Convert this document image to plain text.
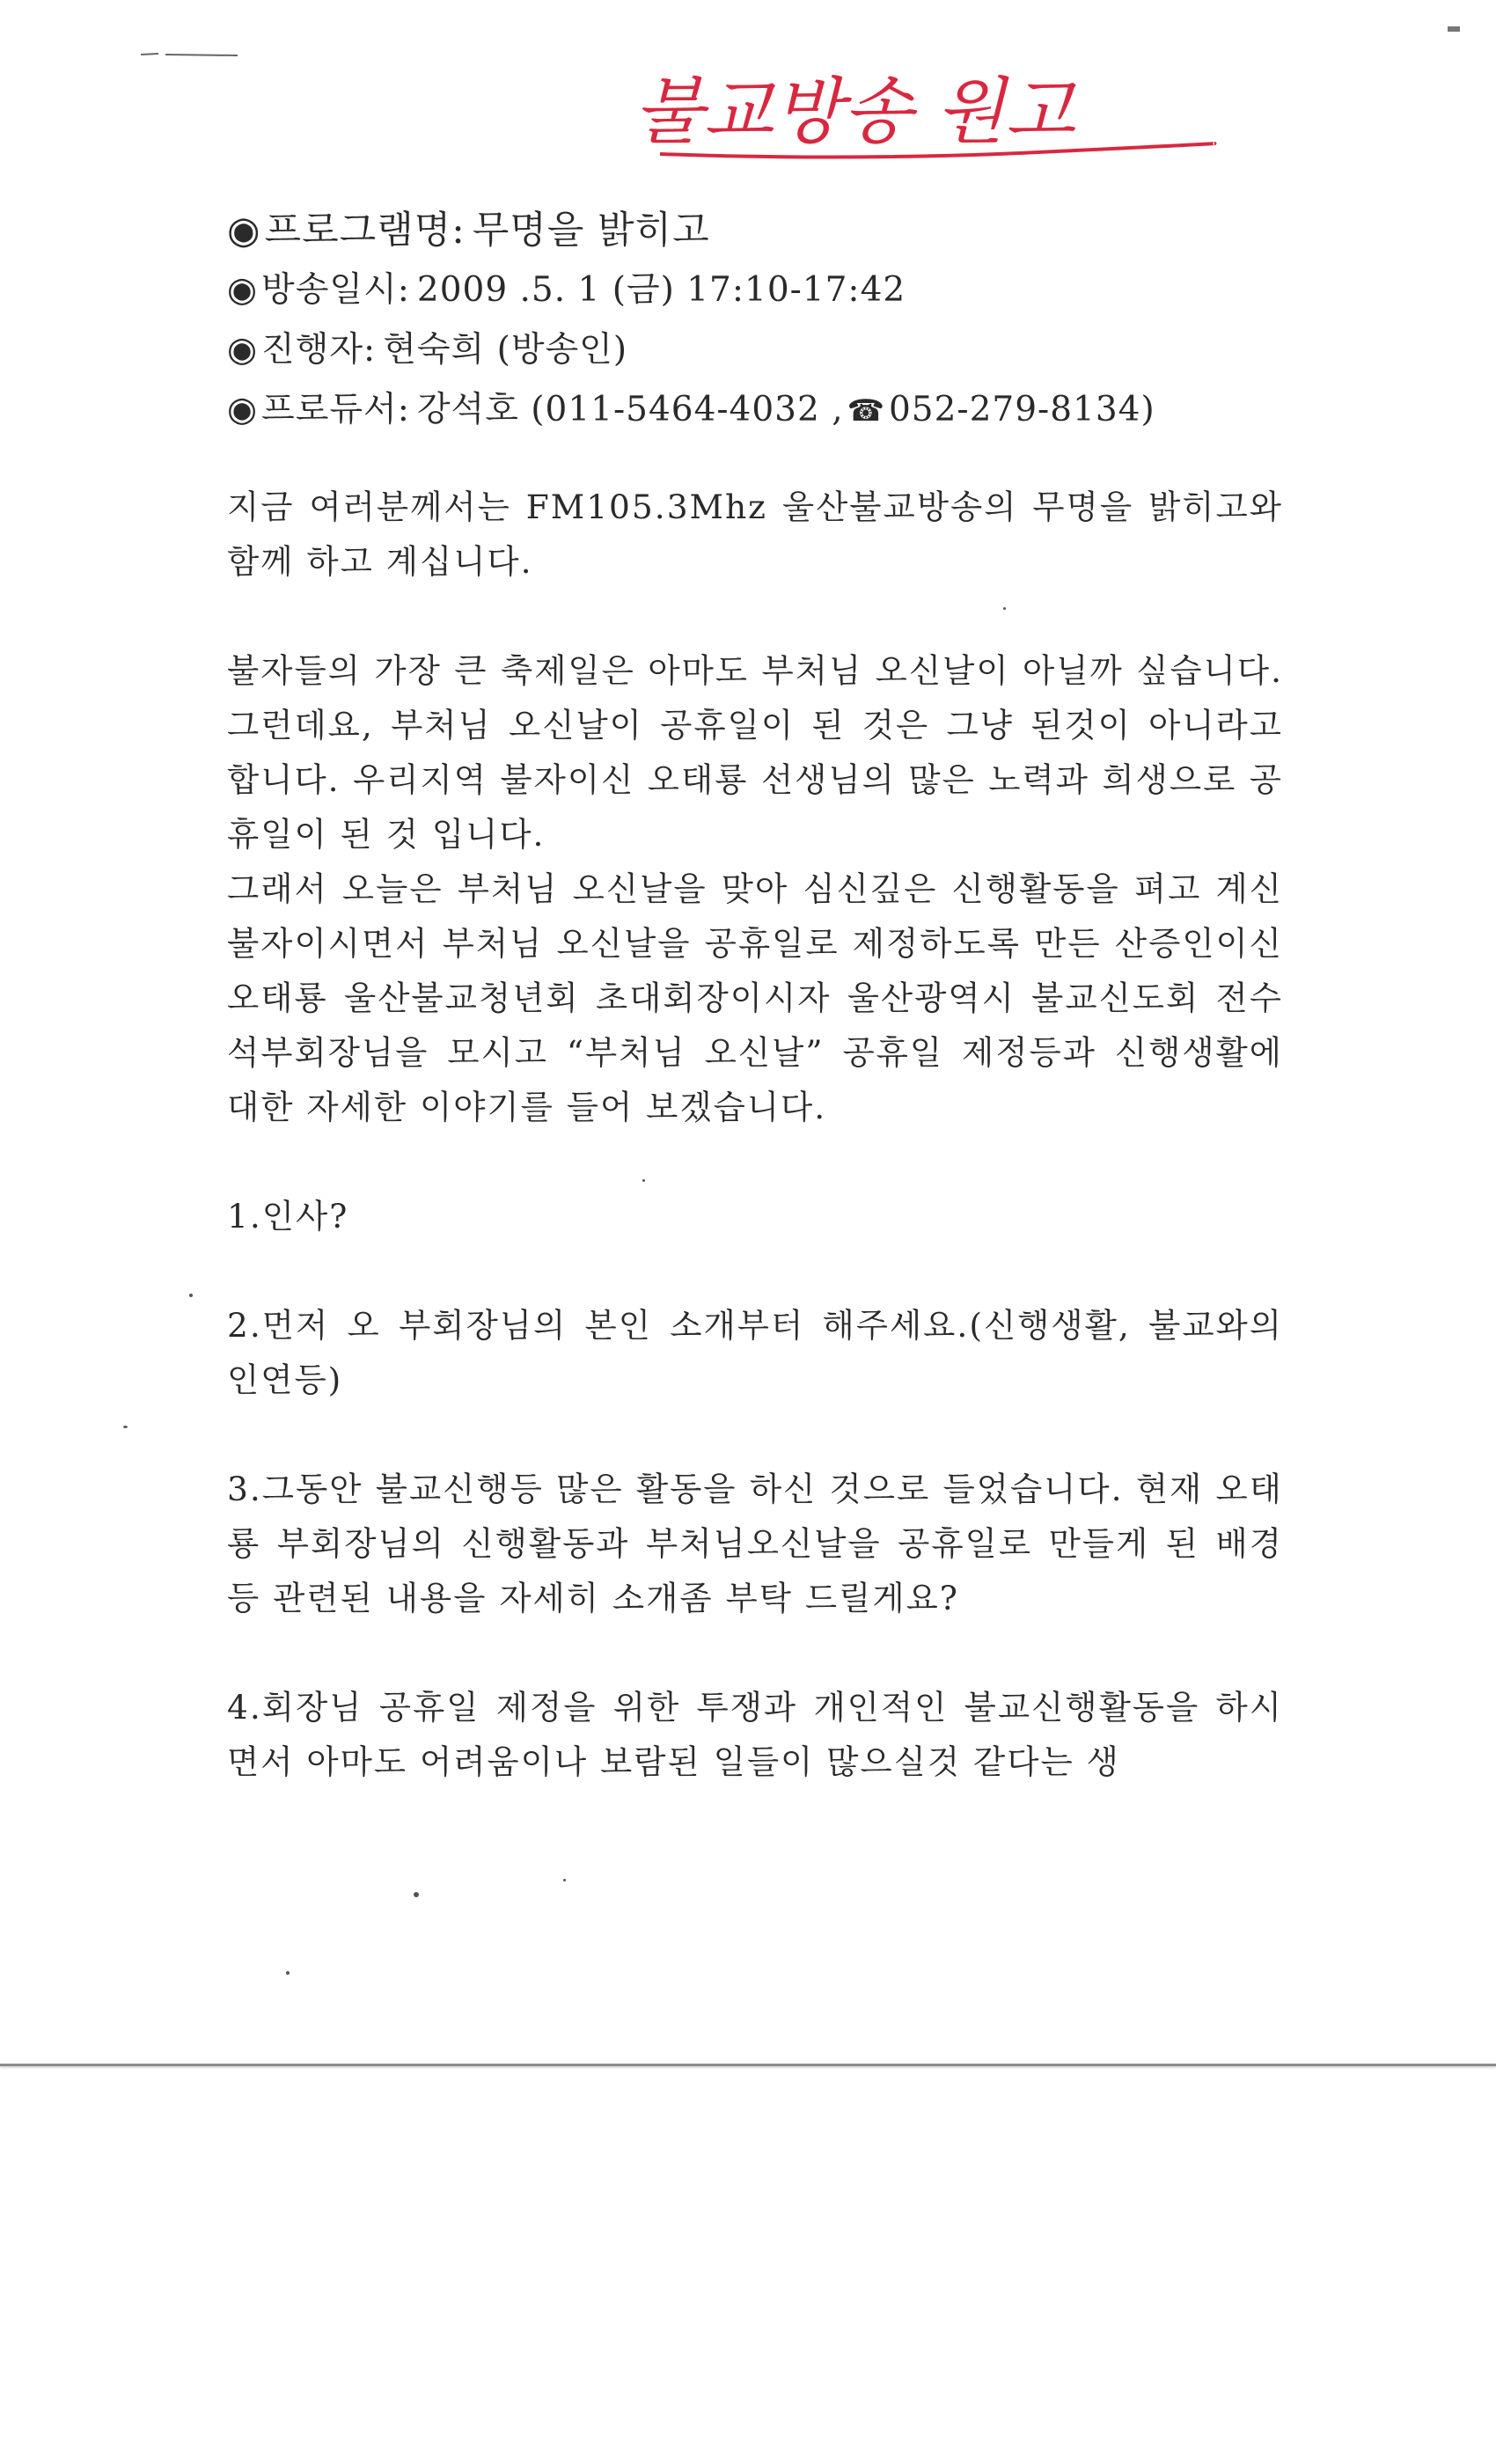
불교방송 원고
◉프로그램명: 무명을 밝히고
◉ 방송일시: 2009 .5. 1 (금) 17:10-17:42
◉ 진행자: 현숙희 (방송인)
◉ 프로듀서: 강석호 (011-5464-4032 , ☎ 052-279-8134)

지금 여러분께서는 FM105.3Mhz 울산불교방송의 무명을 밝히고와 함께 하고 계십니다.

불자들의 가장 큰 축제일은 아마도 부처님 오신날이 아닐까 싶습니다. 그런데요, 부처님 오신날이 공휴일이 된 것은 그냥 된것이 아니라고 합니다. 우리지역 불자이신 오태룡 선생님의 많은 노력과 희생으로 공휴일이 된 것 입니다.

그래서 오늘은 부처님 오신날을 맞아 심신깊은 신행활동을 펴고 계신 불자이시면서 부처님 오신날을 공휴일로 제정하도록 만든 산증인이신 오태룡 울산불교청년회 초대회장이시자 울산광역시 불교신도회 전수석부회장님을 모시고 “부처님 오신날” 공휴일 제정등과 신행생활에 대한 자세한 이야기를 들어 보겠습니다.

1.인사?

2.먼저 오 부회장님의 본인 소개부터 해주세요.(신행생활, 불교와의 인연등)

3.그동안 불교신행등 많은 활동을 하신 것으로 들었습니다. 현재 오태룡 부회장님의 신행활동과 부처님오신날을 공휴일로 만들게 된 배경등 관련된 내용을 자세히 소개좀 부탁 드릴게요?

4.회장님 공휴일 제정을 위한 투쟁과 개인적인 불교신행활동을 하시면서 아마도 어려움이나 보람된 일들이 많으실것 같다는 생
